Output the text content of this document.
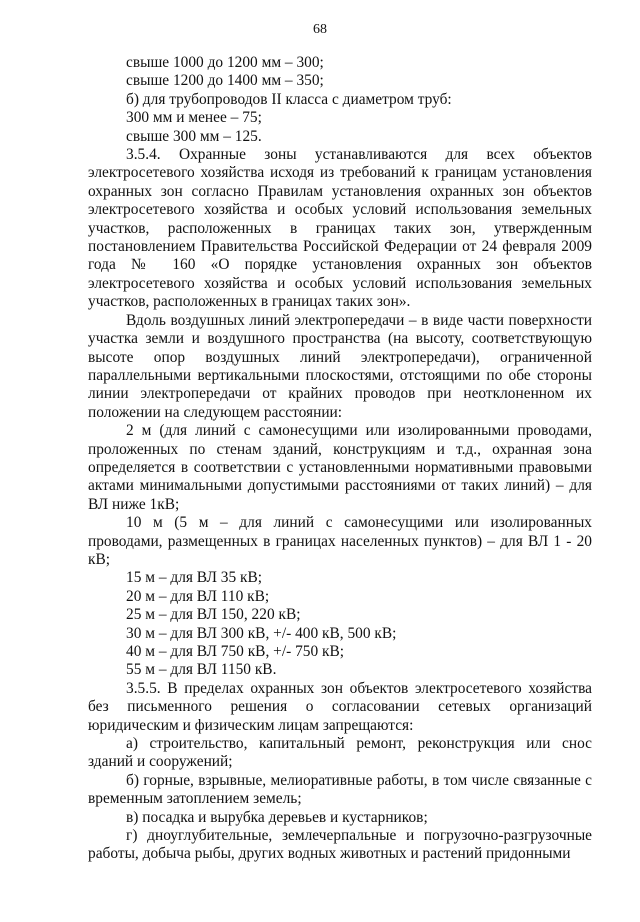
68

свыше 1000 до 1200 мм – 300;

свыше 1200 до 1400 мм – 350;

б) для трубопроводов II класса с диаметром труб:

300 мм и менее – 75;

свыше 300 мм – 125.

3.5.4. Охранные зоны устанавливаются для всех объектов электросетевого хозяйства исходя из требований к границам установления охранных зон согласно Правилам установления охранных зон объектов электросетевого хозяйства и особых условий использования земельных участков, расположенных в границах таких зон, утвержденным постановлением Правительства Российской Федерации от 24 февраля 2009 года № 160 «О порядке установления охранных зон объектов электросетевого хозяйства и особых условий использования земельных участков, расположенных в границах таких зон».

Вдоль воздушных линий электропередачи – в виде части поверхности участка земли и воздушного пространства (на высоту, соответствующую высоте опор воздушных линий электропередачи), ограниченной параллельными вертикальными плоскостями, отстоящими по обе стороны линии электропередачи от крайних проводов при неотклоненном их положении на следующем расстоянии:

2 м (для линий с самонесущими или изолированными проводами, проложенных по стенам зданий, конструкциям и т.д., охранная зона определяется в соответствии с установленными нормативными правовыми актами минимальными допустимыми расстояниями от таких линий) – для ВЛ ниже 1кВ;

10 м (5 м – для линий с самонесущими или изолированных проводами, размещенных в границах населенных пунктов) – для ВЛ 1 - 20 кВ;

15 м – для ВЛ 35 кВ;

20 м – для ВЛ 110 кВ;

25 м – для ВЛ 150, 220 кВ;

30 м – для ВЛ 300 кВ, +/- 400 кВ, 500 кВ;

40 м – для ВЛ 750 кВ, +/- 750 кВ;

55 м – для ВЛ 1150 кВ.

3.5.5. В пределах охранных зон объектов электросетевого хозяйства без письменного решения о согласовании сетевых организаций юридическим и физическим лицам запрещаются:

а) строительство, капитальный ремонт, реконструкция или снос зданий и сооружений;

б) горные, взрывные, мелиоративные работы, в том числе связанные с временным затоплением земель;

в) посадка и вырубка деревьев и кустарников;

г) дноуглубительные, землечерпальные и погрузочно-разгрузочные работы, добыча рыбы, других водных животных и растений придонными
